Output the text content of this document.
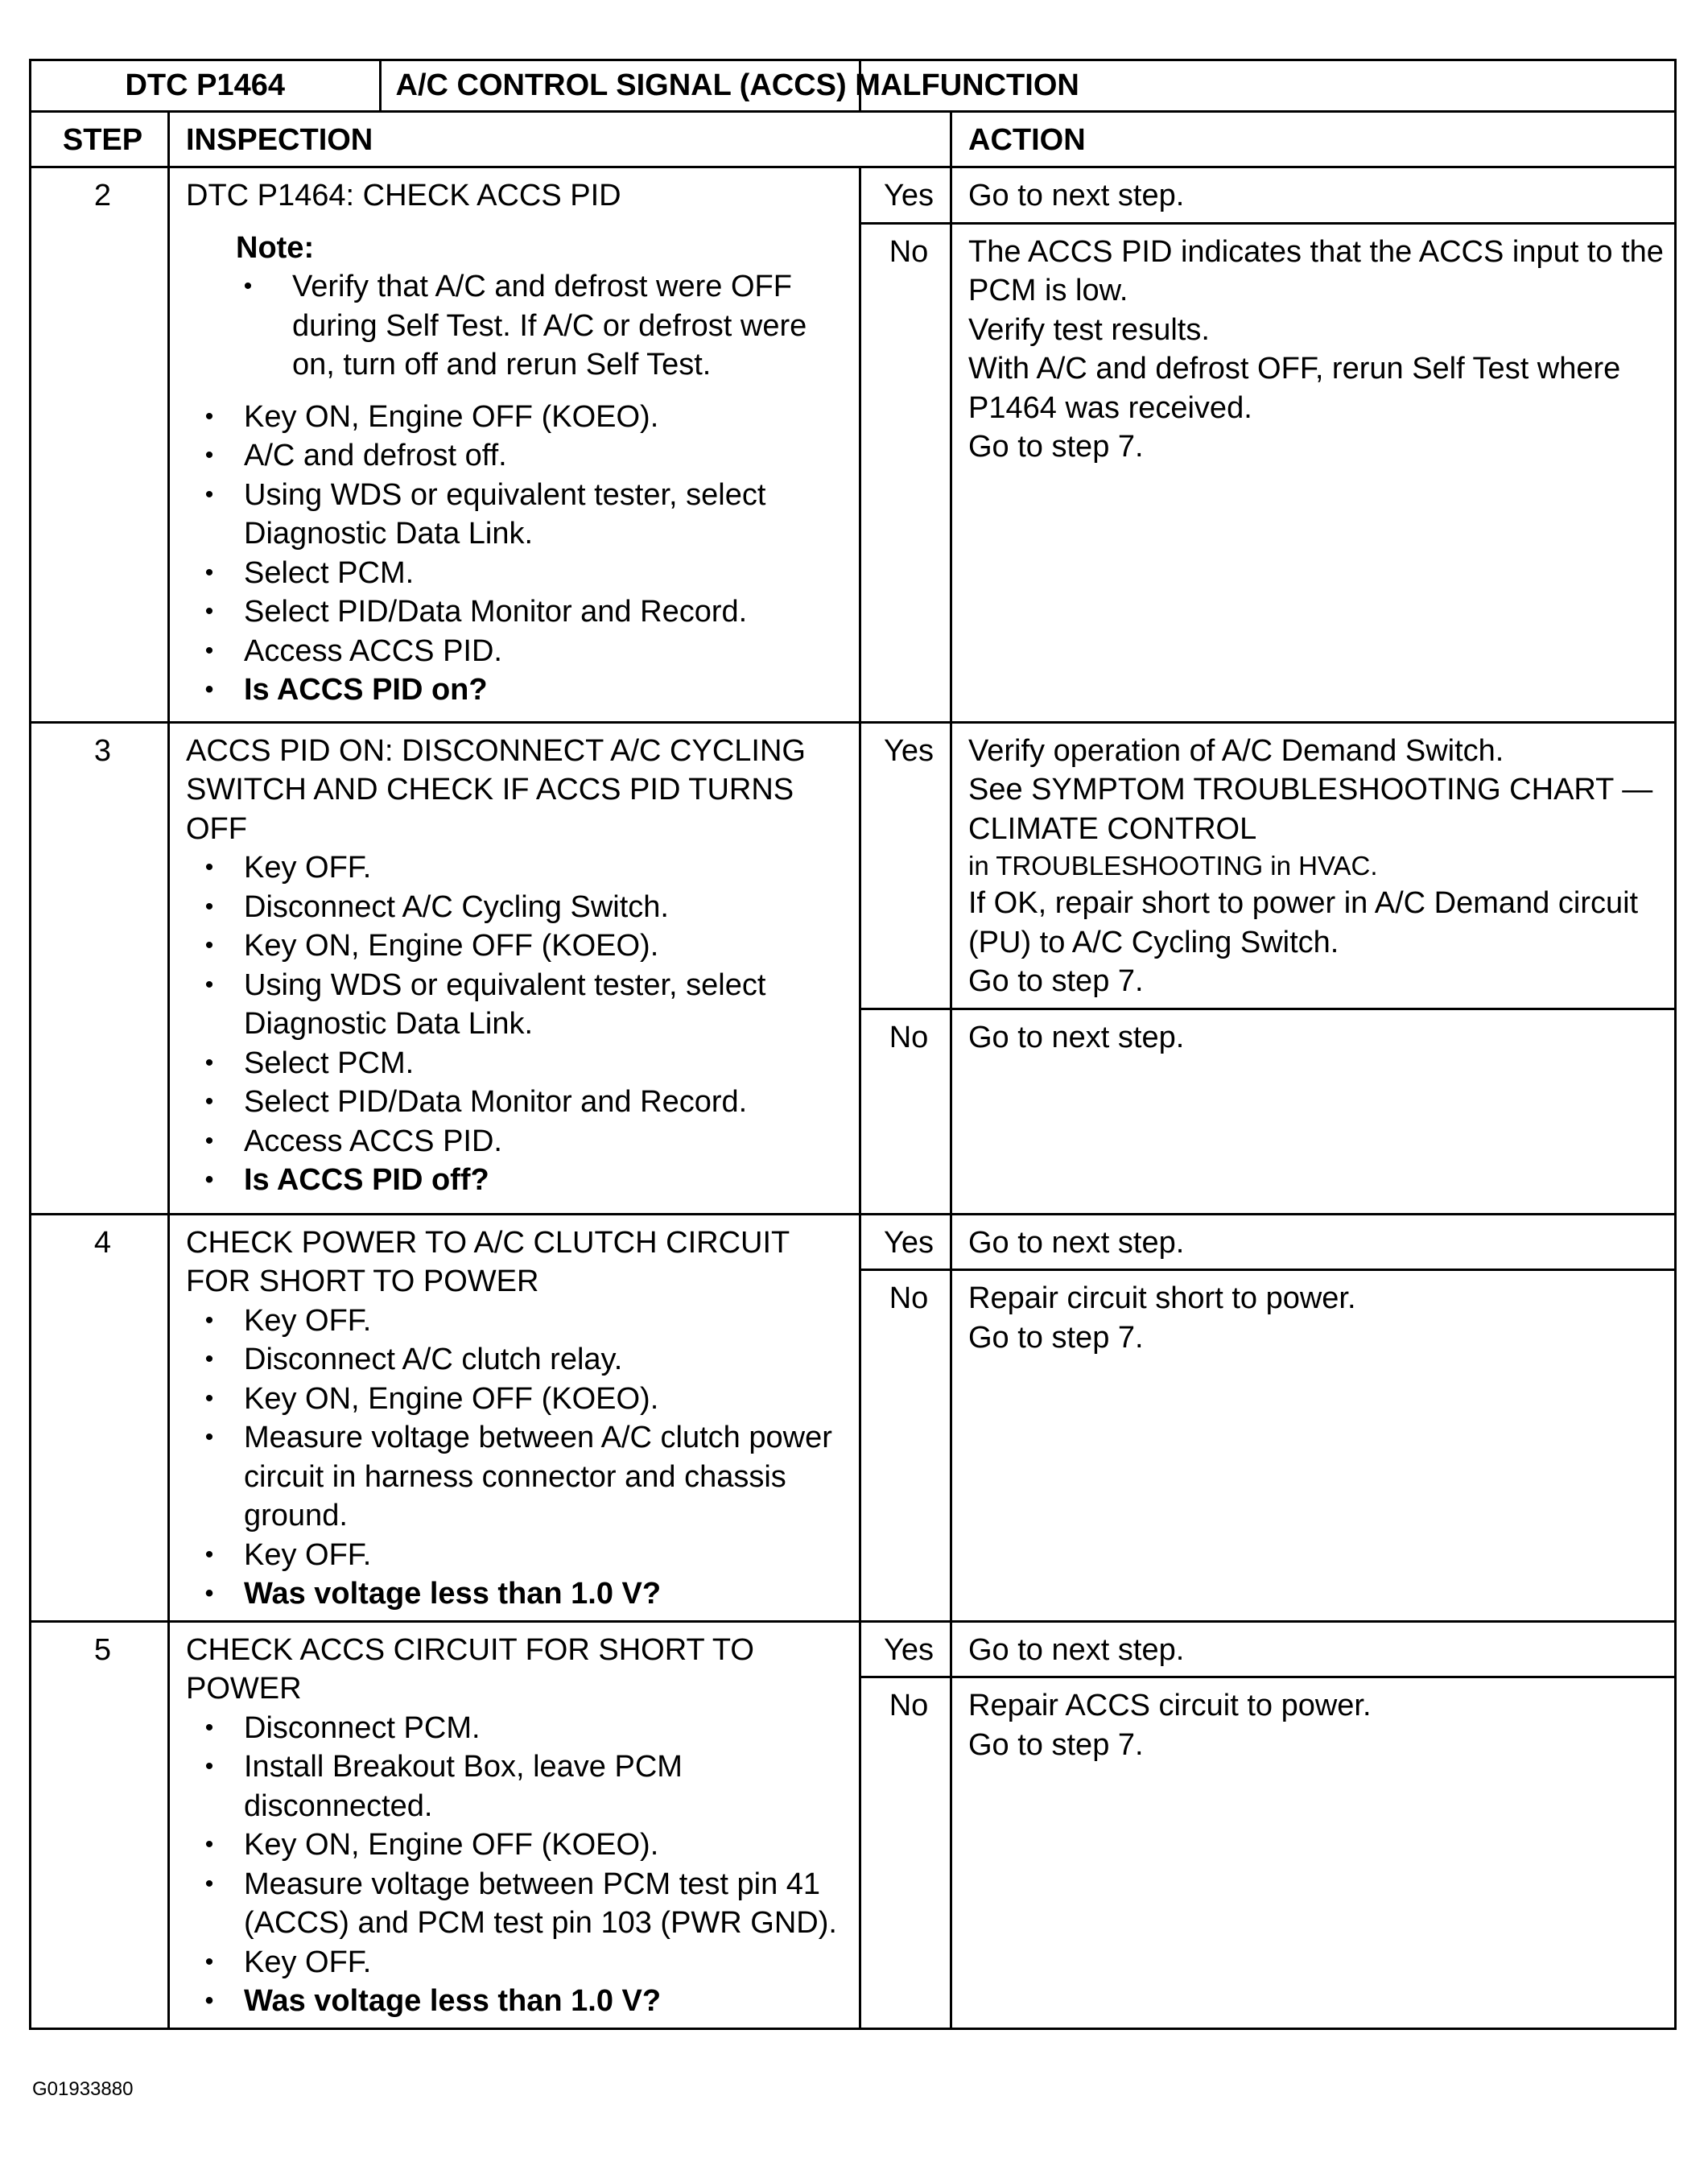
DTC P1464	A/C CONTROL SIGNAL (ACCS) MALFUNCTION

STEP	INSPECTION	ACTION
2	DTC P1464: CHECK ACCS PID
Note:
• Verify that A/C and defrost were OFF during Self Test. If A/C or defrost were on, turn off and rerun Self Test.
• Key ON, Engine OFF (KOEO).
• A/C and defrost off.
• Using WDS or equivalent tester, select Diagnostic Data Link.
• Select PCM.
• Select PID/Data Monitor and Record.
• Access ACCS PID.
• Is ACCS PID on?
	Yes	Go to next step.

No	The ACCS PID indicates that the ACCS input to the PCM is low.
Verify test results.
With A/C and defrost OFF, rerun Self Test where P1464 was received.
Go to step 7.

3	ACCS PID ON: DISCONNECT A/C CYCLING SWITCH AND CHECK IF ACCS PID TURNS OFF
• Key OFF.
• Disconnect A/C Cycling Switch.
• Key ON, Engine OFF (KOEO).
• Using WDS or equivalent tester, select Diagnostic Data Link.
• Select PCM.
• Select PID/Data Monitor and Record.
• Access ACCS PID.
• Is ACCS PID off?
	Yes	Verify operation of A/C Demand Switch.
See SYMPTOM TROUBLESHOOTING CHART — CLIMATE CONTROL
in TROUBLESHOOTING in HVAC.
If OK, repair short to power in A/C Demand circuit (PU) to A/C Cycling Switch.
Go to step 7.

No	Go to next step.

4	CHECK POWER TO A/C CLUTCH CIRCUIT FOR SHORT TO POWER
• Key OFF.
• Disconnect A/C clutch relay.
• Key ON, Engine OFF (KOEO).
• Measure voltage between A/C clutch power circuit in harness connector and chassis ground.
• Key OFF.
• Was voltage less than 1.0 V?
	Yes	Go to next step.

No	Repair circuit short to power.
Go to step 7.

5	CHECK ACCS CIRCUIT FOR SHORT TO POWER
• Disconnect PCM.
• Install Breakout Box, leave PCM disconnected.
• Key ON, Engine OFF (KOEO).
• Measure voltage between PCM test pin 41 (ACCS) and PCM test pin 103 (PWR GND).
• Key OFF.
• Was voltage less than 1.0 V?
	Yes	Go to next step.

No	Repair ACCS circuit to power.
Go to step 7.
G01933880
